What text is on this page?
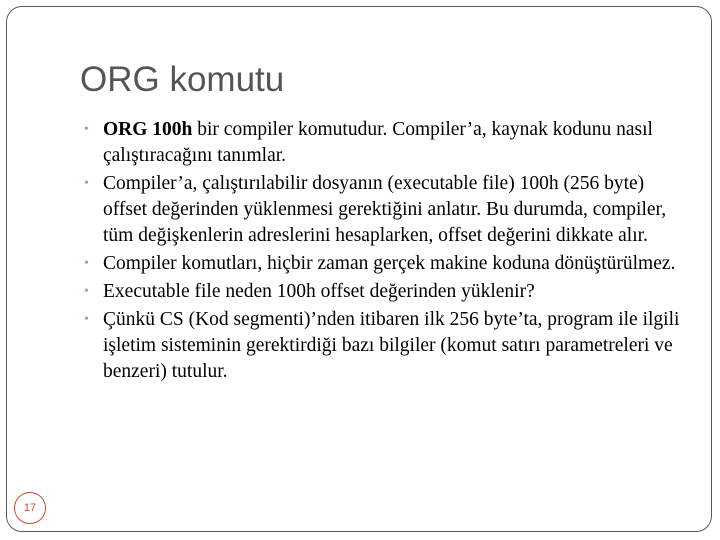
ORG komutu
• ORG 100h bir compiler komutudur. Compiler’a, kaynak kodunu nasıl çalıştıracağını tanımlar.
• Compiler’a, çalıştırılabilir dosyanın (executable file) 100h (256 byte) offset değerinden yüklenmesi gerektiğini anlatır. Bu durumda, compiler, tüm değişkenlerin adreslerini hesaplarken, offset değerini dikkate alır.
• Compiler komutları, hiçbir zaman gerçek makine koduna dönüştürülmez.
• Executable file neden 100h offset değerinden yüklenir?
• Çünkü CS (Kod segmenti)’nden itibaren ilk 256 byte’ta, program ile ilgili işletim sisteminin gerektirdiği bazı bilgiler (komut satırı parametreleri ve benzeri) tutulur.
17
